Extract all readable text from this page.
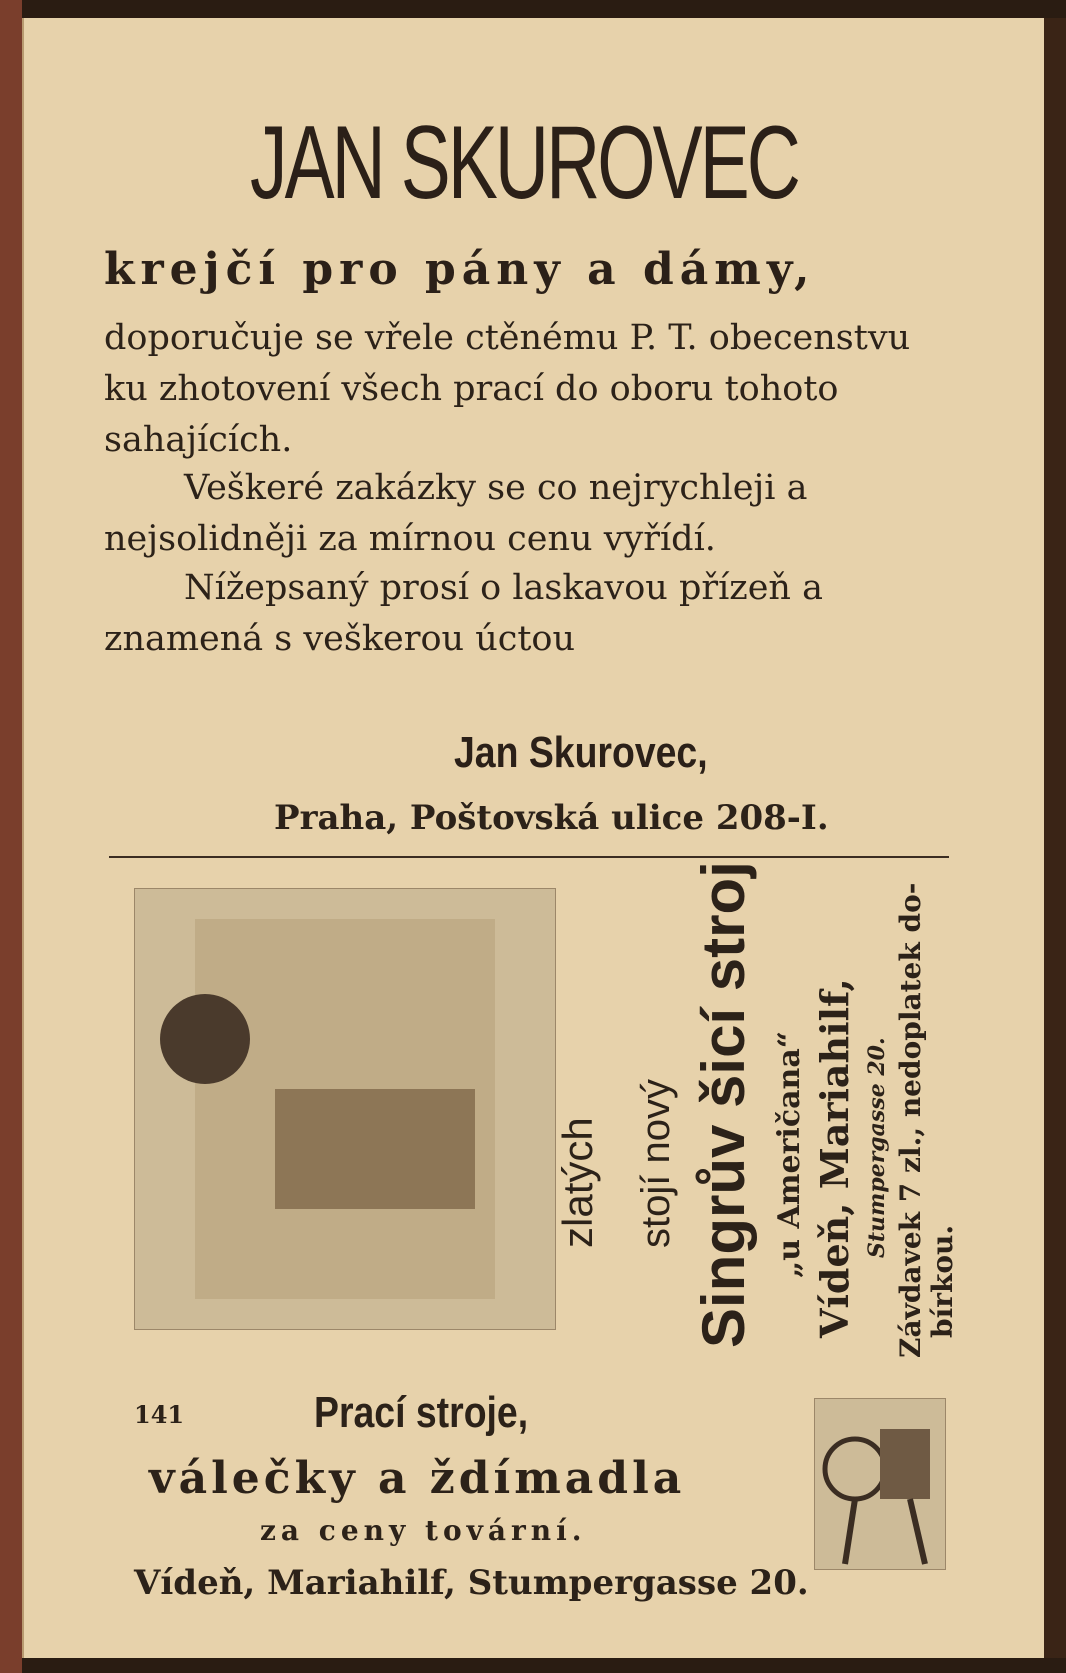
JAN SKUROVEC
krejčí pro pány a dámy,

doporučuje se vřele ctěnému P. T. obecenstvu ku zhotovení všech prací do oboru tohoto sahajících.

Veškeré zakázky se co nejrychleji a nejsolidněji za mírnou cenu vyřídí.

Nížepsaný prosí o laskavou přízeň a znamená s veškerou úctou

Jan Skurovec,
Praha, Poštovská ulice 208-I.
zlatých stojí nový Singrův šicí stroj „u Američana“ Vídeň, Mariahilf, Stumpergasse 20. Závdavek 7 zl., nedoplatek do- bírkou.
141	Prací stroje,
válečky a ždímadla
za ceny tovární.
Vídeň, Mariahilf, Stumpergasse 20.
